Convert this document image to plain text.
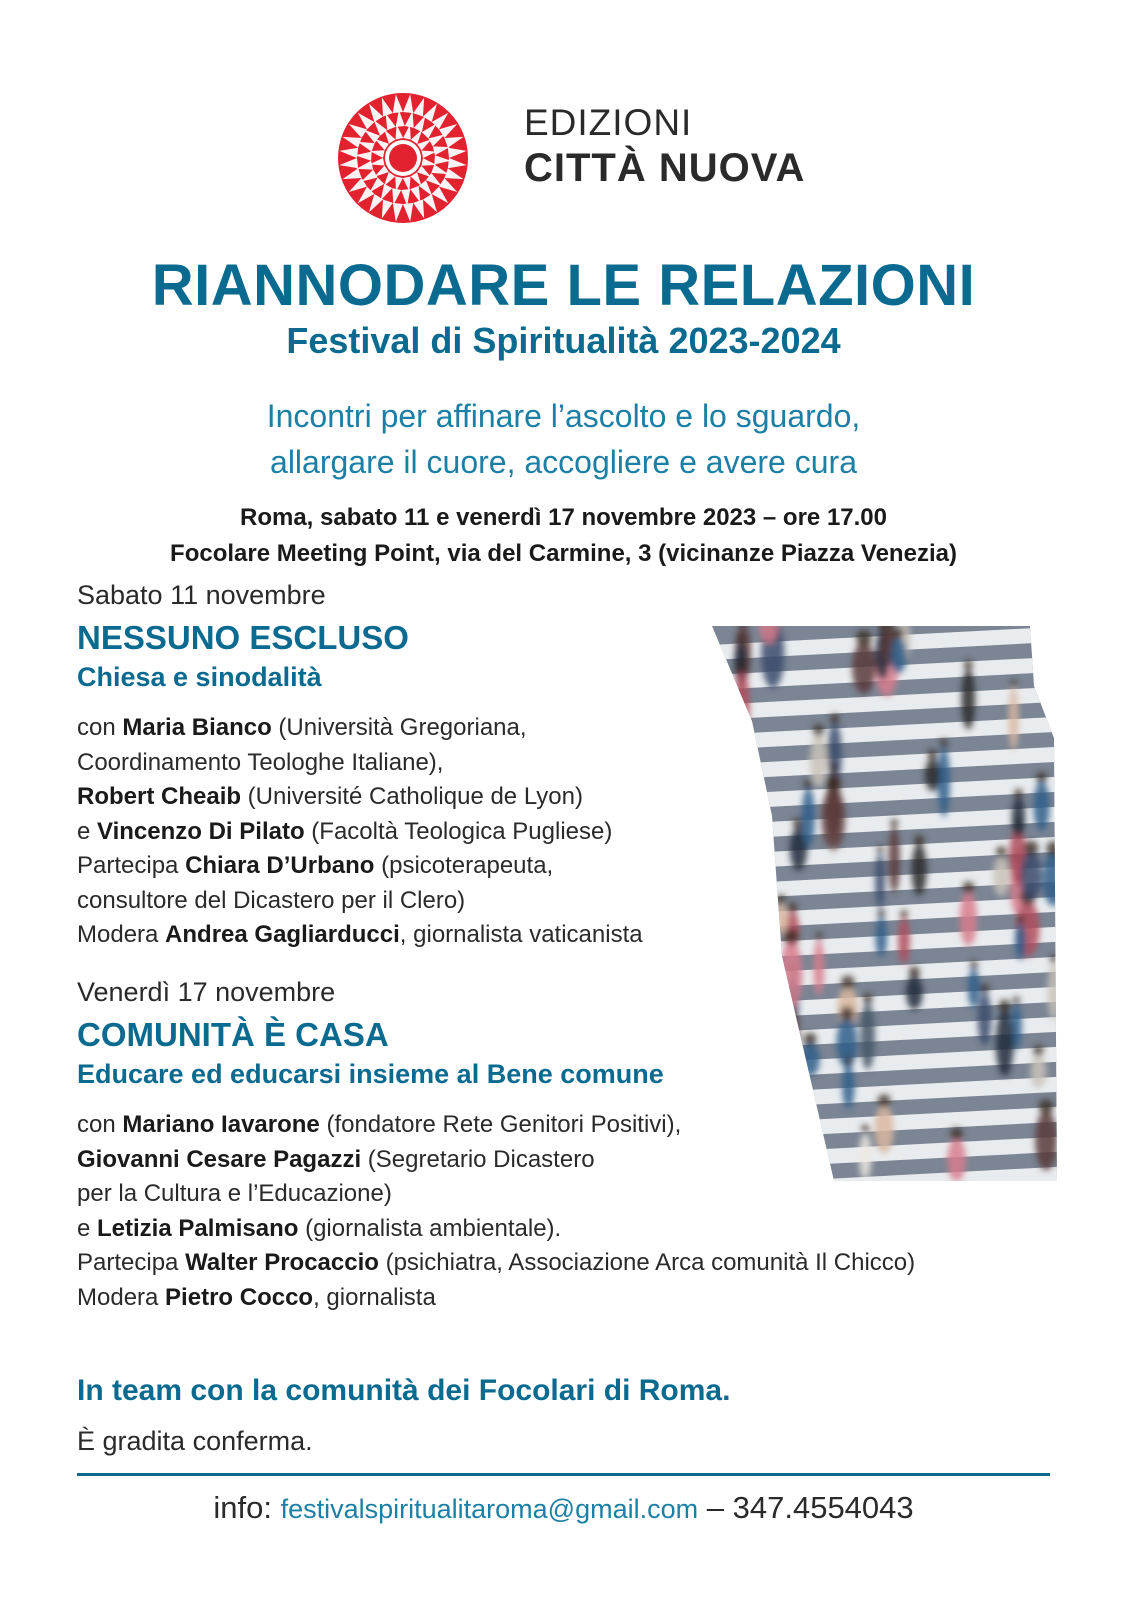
EDIZIONI
CITTÀ NUOVA
RIANNODARE LE RELAZIONI
Festival di Spiritualità 2023-2024
Incontri per affinare l’ascolto e lo sguardo,
allargare il cuore, accogliere e avere cura
Roma, sabato 11 e venerdì 17 novembre 2023 – ore 17.00
Focolare Meeting Point, via del Carmine, 3 (vicinanze Piazza Venezia)
Sabato 11 novembre
NESSUNO ESCLUSO
Chiesa e sinodalità
con Maria Bianco (Università Gregoriana,
Coordinamento Teologhe Italiane),
Robert Cheaib (Université Catholique de Lyon)
e Vincenzo Di Pilato (Facoltà Teologica Pugliese)
Partecipa Chiara D’Urbano (psicoterapeuta,
consultore del Dicastero per il Clero)
Modera Andrea Gagliarducci, giornalista vaticanista
Venerdì 17 novembre
COMUNITÀ È CASA
Educare ed educarsi insieme al Bene comune
con Mariano Iavarone (fondatore Rete Genitori Positivi),
Giovanni Cesare Pagazzi (Segretario Dicastero
per la Cultura e l’Educazione)
e Letizia Palmisano (giornalista ambientale).
Partecipa Walter Procaccio (psichiatra, Associazione Arca comunità Il Chicco)
Modera Pietro Cocco, giornalista
In team con la comunità dei Focolari di Roma.
È gradita conferma.
info: festivalspiritualitaroma@gmail.com – 347.4554043
